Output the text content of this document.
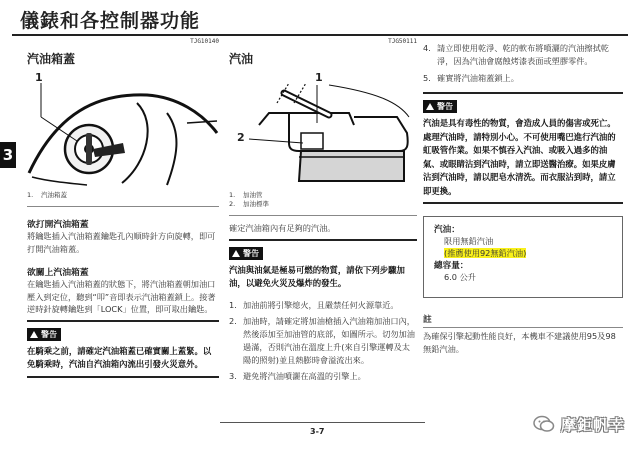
儀錶和各控制器功能
3
TJG10140
汽油箱蓋
1
1. 汽油箱蓋
欲打開汽油箱蓋
將鑰匙插入汽油箱蓋鑰匙孔內順時針方向旋轉，即可打開汽油箱蓋。
欲關上汽油箱蓋
在鑰匙插入汽油箱蓋的狀態下，將汽油箱蓋朝加油口壓入到定位，聽到“叩”音即表示汽油箱蓋鎖上。接著逆時針旋轉鑰匙到「LOCK」位置，即可取出鑰匙。
警告
在騎乘之前，請確定汽油箱蓋已確實關上蓋緊。以免騎乘時，汽油自汽油箱內流出引發火災意外。
TJG50111
汽油
1
2
1. 加油管
2. 加油標準
確定汽油箱內有足夠的汽油。
警告
汽油與油氣是極易可燃的物質，請依下列步驟加油，以避免火災及爆炸的發生。
1. 加油前將引擎熄火，且嚴禁任何火源靠近。
2. 加油時，請確定將加油槍插入汽油箱加油口內，然後添加至加油管的底部，如圖所示。切勿加油過滿，否則汽油在溫度上升(來自引擎運轉及太陽的照射)並且熱膨時會溢流出來。
3. 避免將汽油噴灑在高溫的引擎上。
4. 請立即使用乾淨、乾的軟布將噴灑的汽油擦拭乾淨，因為汽油會腐蝕烤漆表面或塑膠零件。
5. 確實將汽油箱蓋鎖上。
警告
汽油是具有毒性的物質，會造成人員的傷害或死亡。處理汽油時，請特別小心。不可使用嘴巴進行汽油的虹吸管作業。如果不慎吞入汽油、或吸入過多的油氣、或眼睛沾到汽油時，請立即送醫治療。如果皮膚沾到汽油時，請以肥皂水清洗。而衣服沾到時，請立即更換。
汽油：
限用無鉛汽油
(推薦使用92無鉛汽油)
總容量：
6.0 公升
註
為確保引擎起動性能良好，本機車不建議使用95及98無鉛汽油。
3-7	摩鉅帆幸
